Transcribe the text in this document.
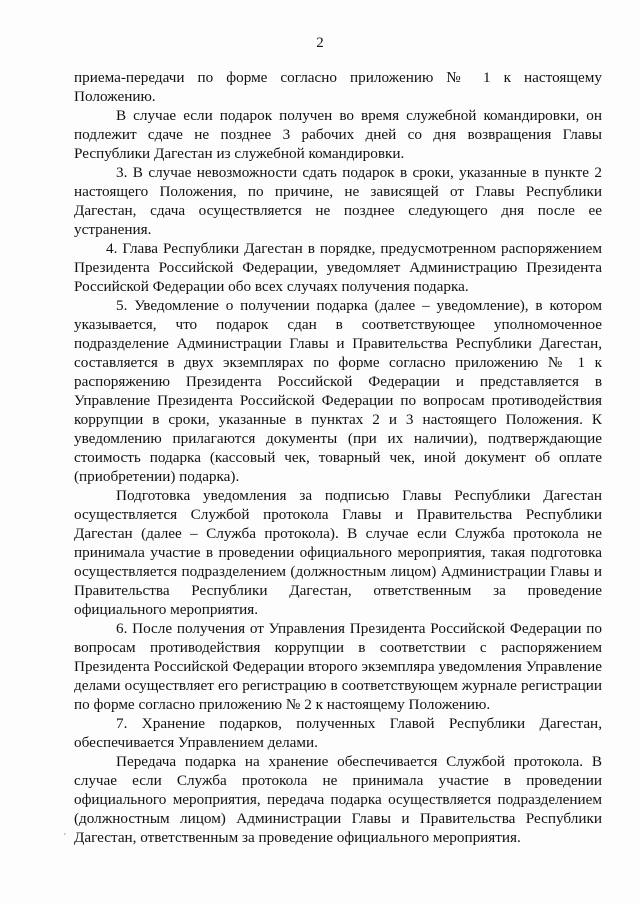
2

приема-передачи по форме согласно приложению № 1 к настоящему Положению.

В случае если подарок получен во время служебной командировки, он подлежит сдаче не позднее 3 рабочих дней со дня возвращения Главы Республики Дагестан из служебной командировки.

3. В случае невозможности сдать подарок в сроки, указанные в пункте 2 настоящего Положения, по причине, не зависящей от Главы Республики Дагестан, сдача осуществляется не позднее следующего дня после ее устранения.

4. Глава Республики Дагестан в порядке, предусмотренном распоряжением Президента Российской Федерации, уведомляет Администрацию Президента Российской Федерации обо всех случаях получения подарка.

5. Уведомление о получении подарка (далее – уведомление), в котором указывается, что подарок сдан в соответствующее уполномоченное подразделение Администрации Главы и Правительства Республики Дагестан, составляется в двух экземплярах по форме согласно приложению № 1 к распоряжению Президента Российской Федерации и представляется в Управление Президента Российской Федерации по вопросам противодействия коррупции в сроки, указанные в пунктах 2 и 3 настоящего Положения. К уведомлению прилагаются документы (при их наличии), подтверждающие стоимость подарка (кассовый чек, товарный чек, иной документ об оплате (приобретении) подарка).

Подготовка уведомления за подписью Главы Республики Дагестан осуществляется Службой протокола Главы и Правительства Республики Дагестан (далее – Служба протокола). В случае если Служба протокола не принимала участие в проведении официального мероприятия, такая подготовка осуществляется подразделением (должностным лицом) Администрации Главы и Правительства Республики Дагестан, ответственным за проведение официального мероприятия.

6. После получения от Управления Президента Российской Федерации по вопросам противодействия коррупции в соответствии с распоряжением Президента Российской Федерации второго экземпляра уведомления Управление делами осуществляет его регистрацию в соответствующем журнале регистрации по форме согласно приложению № 2 к настоящему Положению.

7. Хранение подарков, полученных Главой Республики Дагестан, обеспечивается Управлением делами.

Передача подарка на хранение обеспечивается Службой протокола. В случае если Служба протокола не принимала участие в проведении официального мероприятия, передача подарка осуществляется подразделением (должностным лицом) Администрации Главы и Правительства Республики Дагестан, ответственным за проведение официального мероприятия.

'
